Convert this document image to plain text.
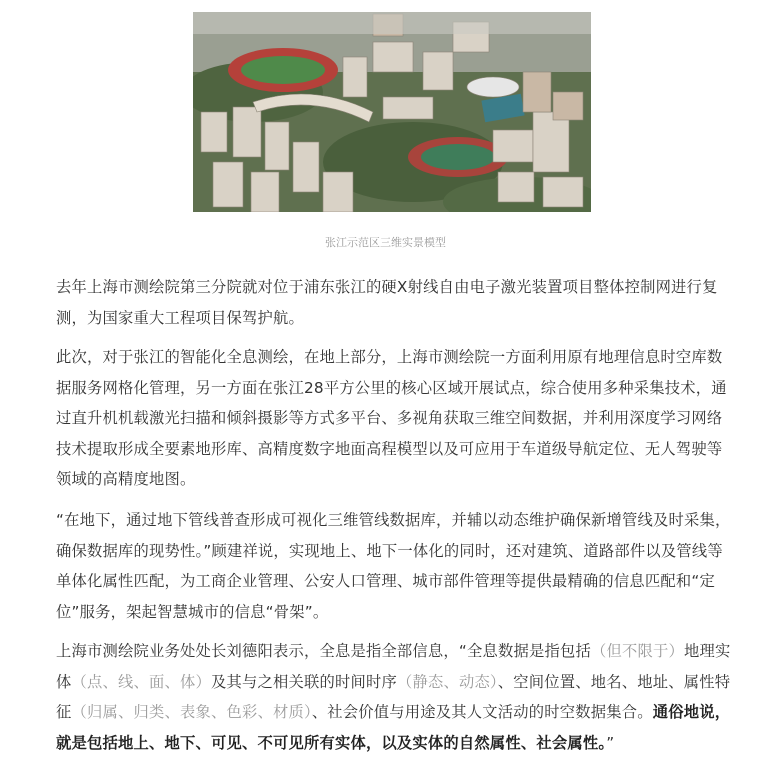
张江示范区三维实景模型

去年上海市测绘院第三分院就对位于浦东张江的硬X射线自由电子激光装置项目整体控制网进行复测，为国家重大工程项目保驾护航。

此次，对于张江的智能化全息测绘，在地上部分，上海市测绘院一方面利用原有地理信息时空库数据服务网格化管理，另一方面在张江28平方公里的核心区域开展试点，综合使用多种采集技术，通过直升机机载激光扫描和倾斜摄影等方式多平台、多视角获取三维空间数据，并利用深度学习网络技术提取形成全要素地形库、高精度数字地面高程模型以及可应用于车道级导航定位、无人驾驶等领域的高精度地图。

“在地下，通过地下管线普查形成可视化三维管线数据库，并辅以动态维护确保新增管线及时采集，确保数据库的现势性。”顾建祥说，实现地上、地下一体化的同时，还对建筑、道路部件以及管线等单体化属性匹配，为工商企业管理、公安人口管理、城市部件管理等提供最精确的信息匹配和“定位”服务，架起智慧城市的信息“骨架”。

上海市测绘院业务处处长刘德阳表示，全息是指全部信息，“全息数据是指包括（但不限于）地理实体（点、线、面、体）及其与之相关联的时间时序（静态、动态）、空间位置、地名、地址、属性特征（归属、归类、表象、色彩、材质）、社会价值与用途及其人文活动的时空数据集合。通俗地说，就是包括地上、地下、可见、不可见所有实体，以及实体的自然属性、社会属性。”
